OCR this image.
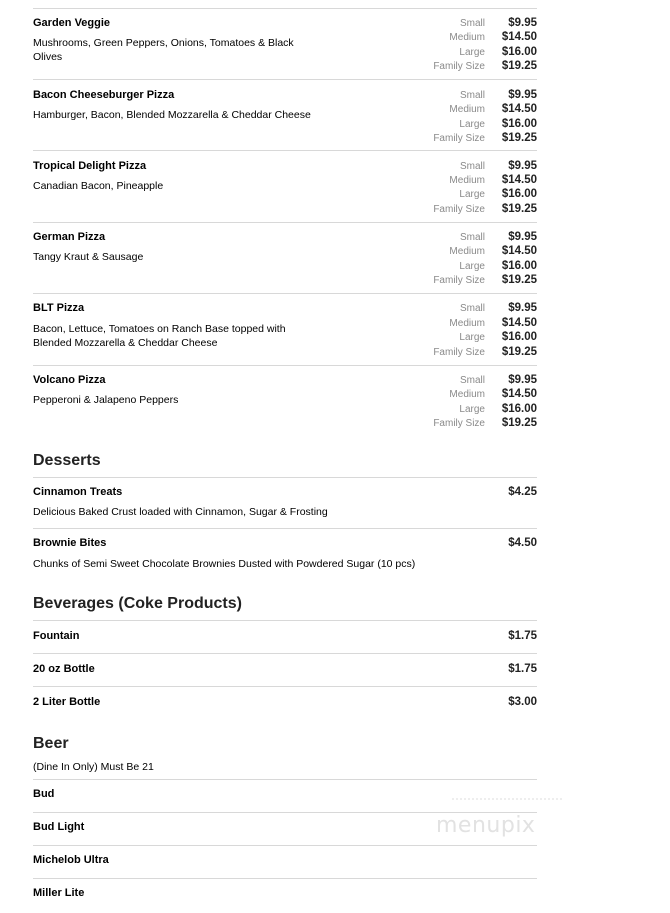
Garden Veggie
Mushrooms, Green Peppers, Onions, Tomatoes & Black Olives
Small $9.95
Medium $14.50
Large $16.00
Family Size $19.25
Bacon Cheeseburger Pizza
Hamburger, Bacon, Blended Mozzarella & Cheddar Cheese
Small $9.95
Medium $14.50
Large $16.00
Family Size $19.25
Tropical Delight Pizza
Canadian Bacon, Pineapple
Small $9.95
Medium $14.50
Large $16.00
Family Size $19.25
German Pizza
Tangy Kraut & Sausage
Small $9.95
Medium $14.50
Large $16.00
Family Size $19.25
BLT Pizza
Bacon, Lettuce, Tomatoes on Ranch Base topped with Blended Mozzarella & Cheddar Cheese
Small $9.95
Medium $14.50
Large $16.00
Family Size $19.25
Volcano Pizza
Pepperoni & Jalapeno Peppers
Small $9.95
Medium $14.50
Large $16.00
Family Size $19.25
Desserts
Cinnamon Treats
Delicious Baked Crust loaded with Cinnamon, Sugar & Frosting
$4.25
Brownie Bites
Chunks of Semi Sweet Chocolate Brownies Dusted with Powdered Sugar (10 pcs)
$4.50
Beverages (Coke Products)
Fountain	$1.75
20 oz Bottle	$1.75
2 Liter Bottle	$3.00
Beer
(Dine In Only) Must Be 21
Bud
Bud Light
Michelob Ultra
Miller Lite
menupix
